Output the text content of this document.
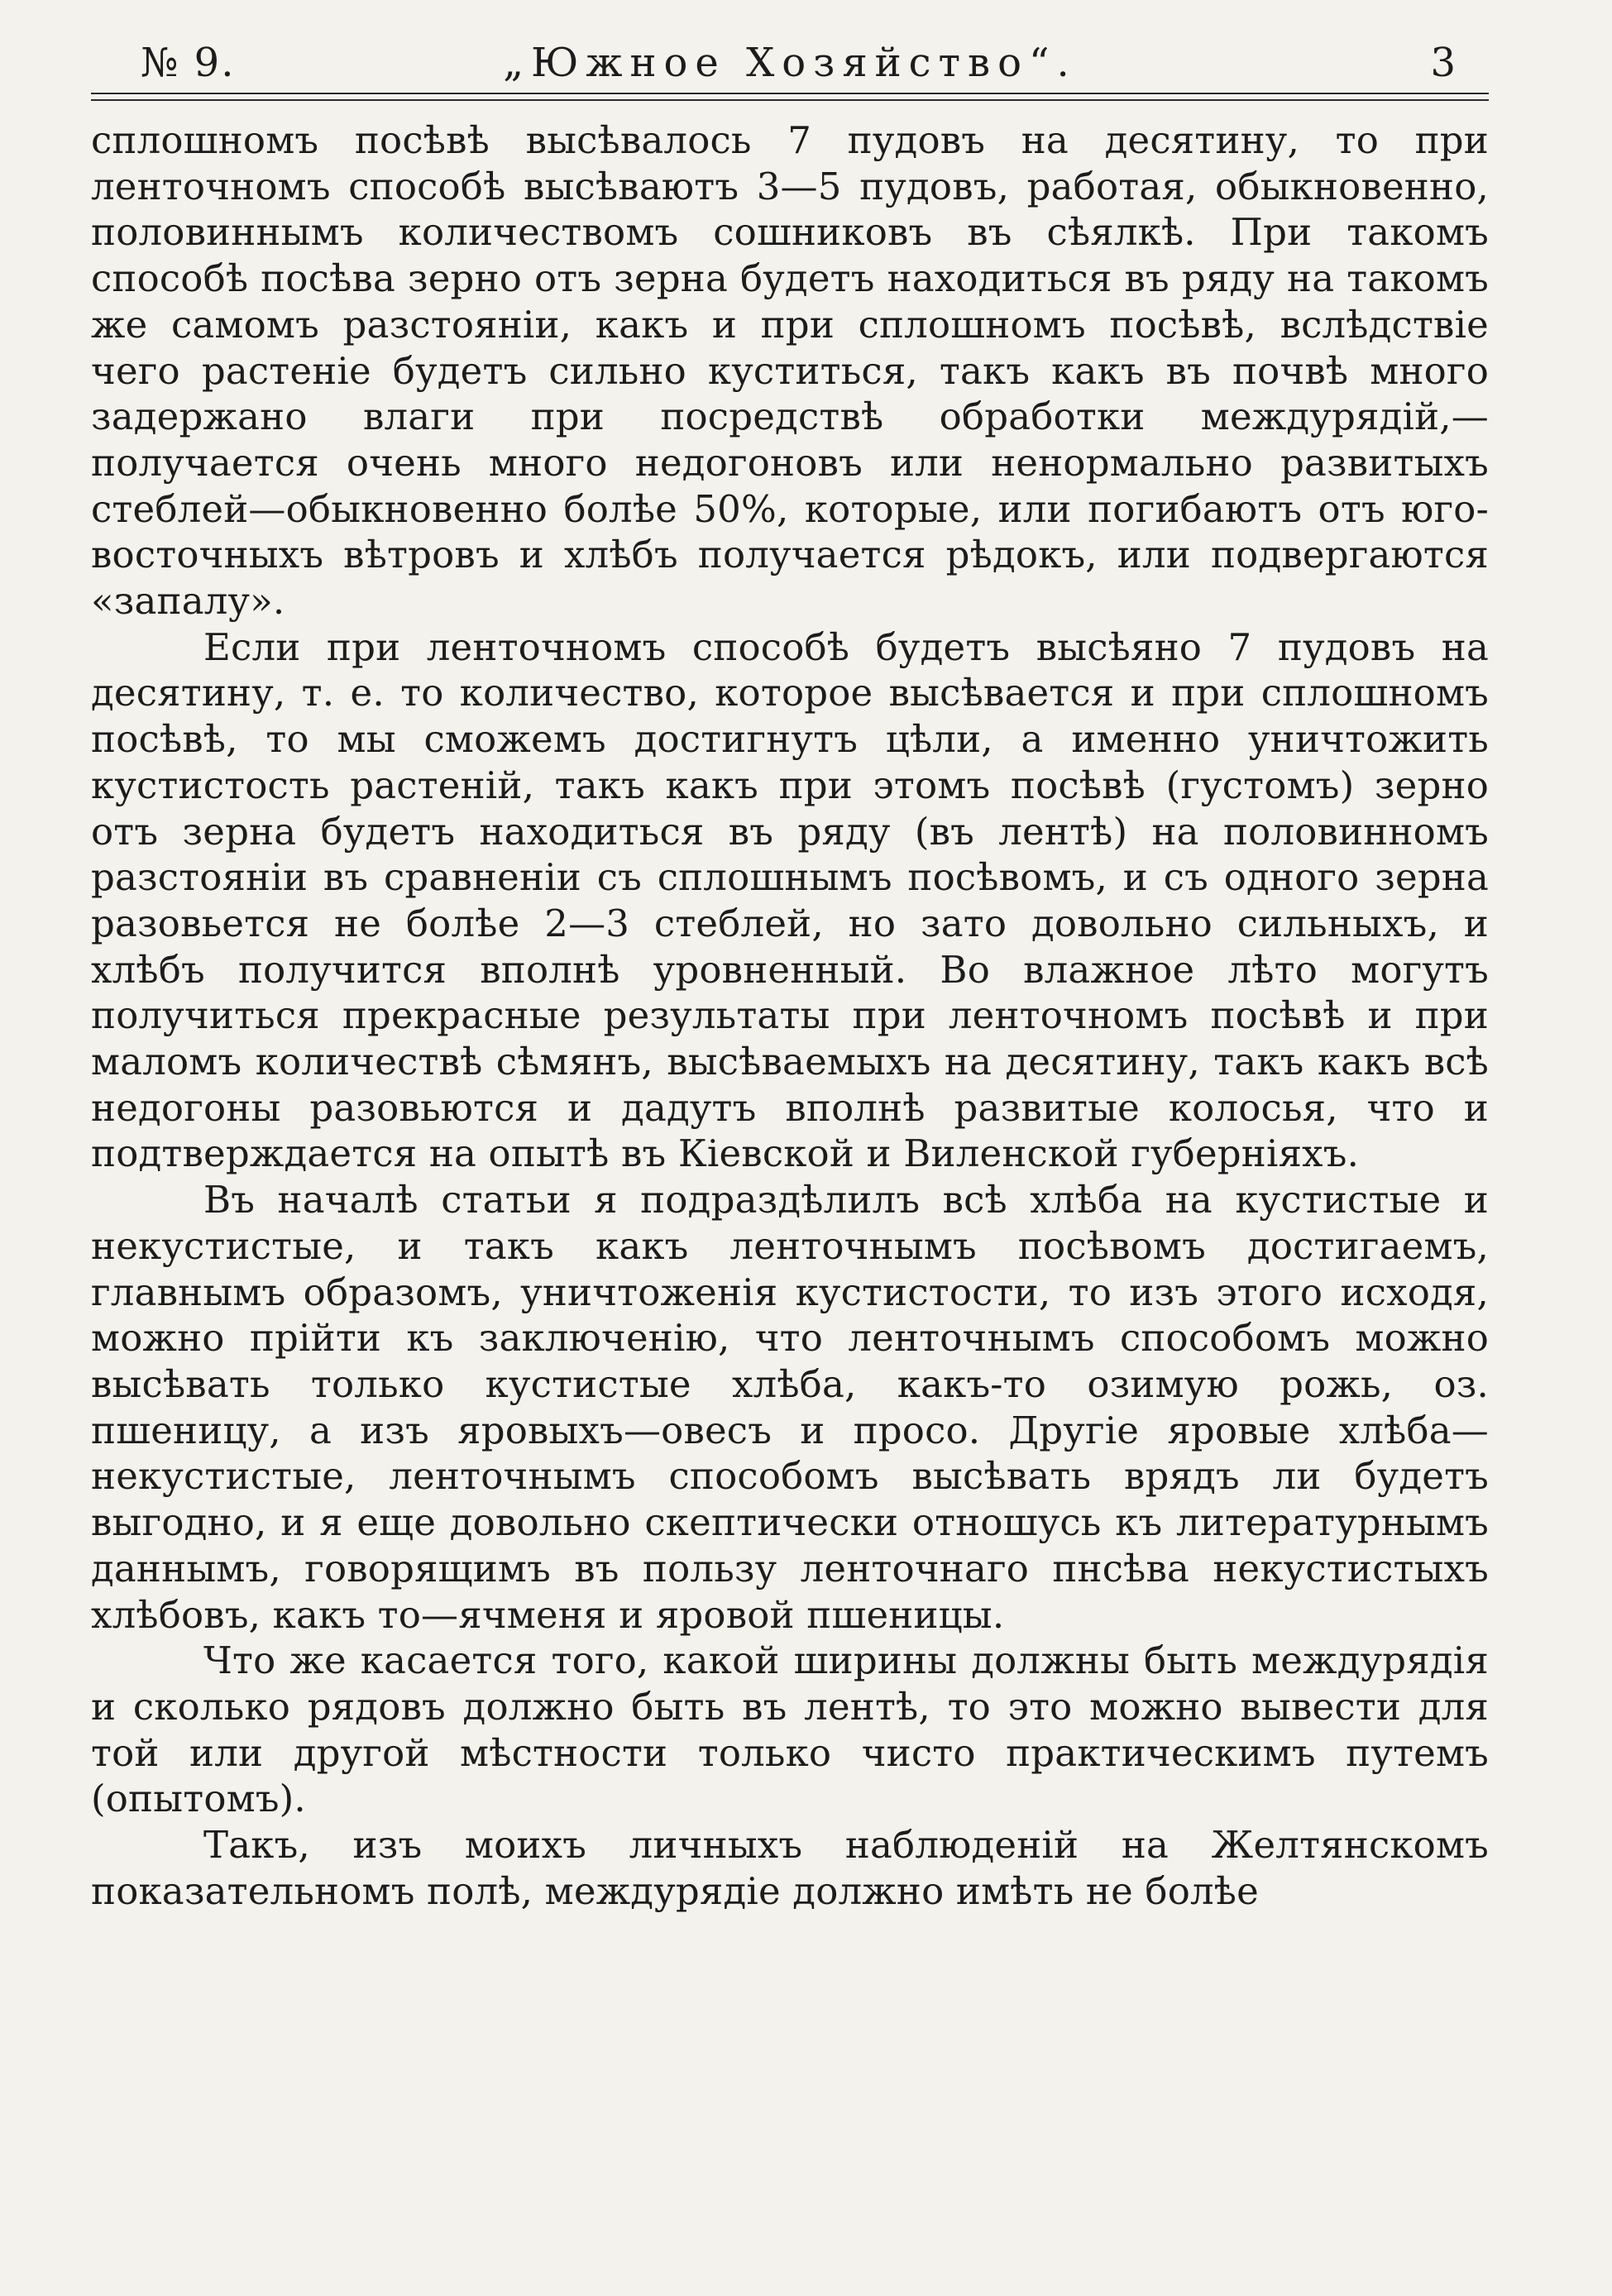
№ 9.	„Южное Хозяйство“.	3

сплошномъ посѣвѣ высѣвалось 7 пудовъ на десятину, то при ленточномъ способѣ высѣваютъ 3—5 пудовъ, работая, обыкновенно, половиннымъ количествомъ сошниковъ въ сѣялкѣ. При такомъ способѣ посѣва зерно отъ зерна будетъ находиться въ ряду на такомъ же самомъ разстояніи, какъ и при сплошномъ посѣвѣ, вслѣдствіе чего растеніе будетъ сильно куститься, такъ какъ въ почвѣ много задержано влаги при посредствѣ обработки междурядій,—получается очень много недогоновъ или ненормально развитыхъ стеблей—обыкновенно болѣе 50%, которые, или погибаютъ отъ юго-восточныхъ вѣтровъ и хлѣбъ получается рѣдокъ, или подвергаются «запалу».

Если при ленточномъ способѣ будетъ высѣяно 7 пудовъ на десятину, т. е. то количество, которое высѣвается и при сплошномъ посѣвѣ, то мы сможемъ достигнутъ цѣли, а именно уничтожить кустистость растеній, такъ какъ при этомъ посѣвѣ (густомъ) зерно отъ зерна будетъ находиться въ ряду (въ лентѣ) на половинномъ разстояніи въ сравненіи съ сплошнымъ посѣвомъ, и съ одного зерна разовьется не болѣе 2—3 стеблей, но зато довольно сильныхъ, и хлѣбъ получится вполнѣ уровненный. Во влажное лѣто могутъ получиться прекрасные результаты при ленточномъ посѣвѣ и при маломъ количествѣ сѣмянъ, высѣваемыхъ на десятину, такъ какъ всѣ недогоны разовьются и дадутъ вполнѣ развитые колосья, что и подтверждается на опытѣ въ Кіевской и Виленской губерніяхъ.

Въ началѣ статьи я подраздѣлилъ всѣ хлѣба на кустистые и некустистые, и такъ какъ ленточнымъ посѣвомъ достигаемъ, главнымъ образомъ, уничтоженія кустистости, то изъ этого исходя, можно прійти къ заключенію, что ленточнымъ способомъ можно высѣвать только кустистые хлѣба, какъ-то озимую рожь, оз. пшеницу, а изъ яровыхъ—овесъ и просо. Другіе яровые хлѣба—некустистые, ленточнымъ способомъ высѣвать врядъ ли будетъ выгодно, и я еще довольно скептически отношусь къ литературнымъ даннымъ, говорящимъ въ пользу ленточнаго пнсѣва некустистыхъ хлѣбовъ, какъ то—ячменя и яровой пшеницы.

Что же касается того, какой ширины должны быть междурядія и сколько рядовъ должно быть въ лентѣ, то это можно вывести для той или другой мѣстности только чисто практическимъ путемъ (опытомъ).

Такъ, изъ моихъ личныхъ наблюденій на Желтянскомъ показательномъ полѣ, междурядіе должно имѣть не болѣе
